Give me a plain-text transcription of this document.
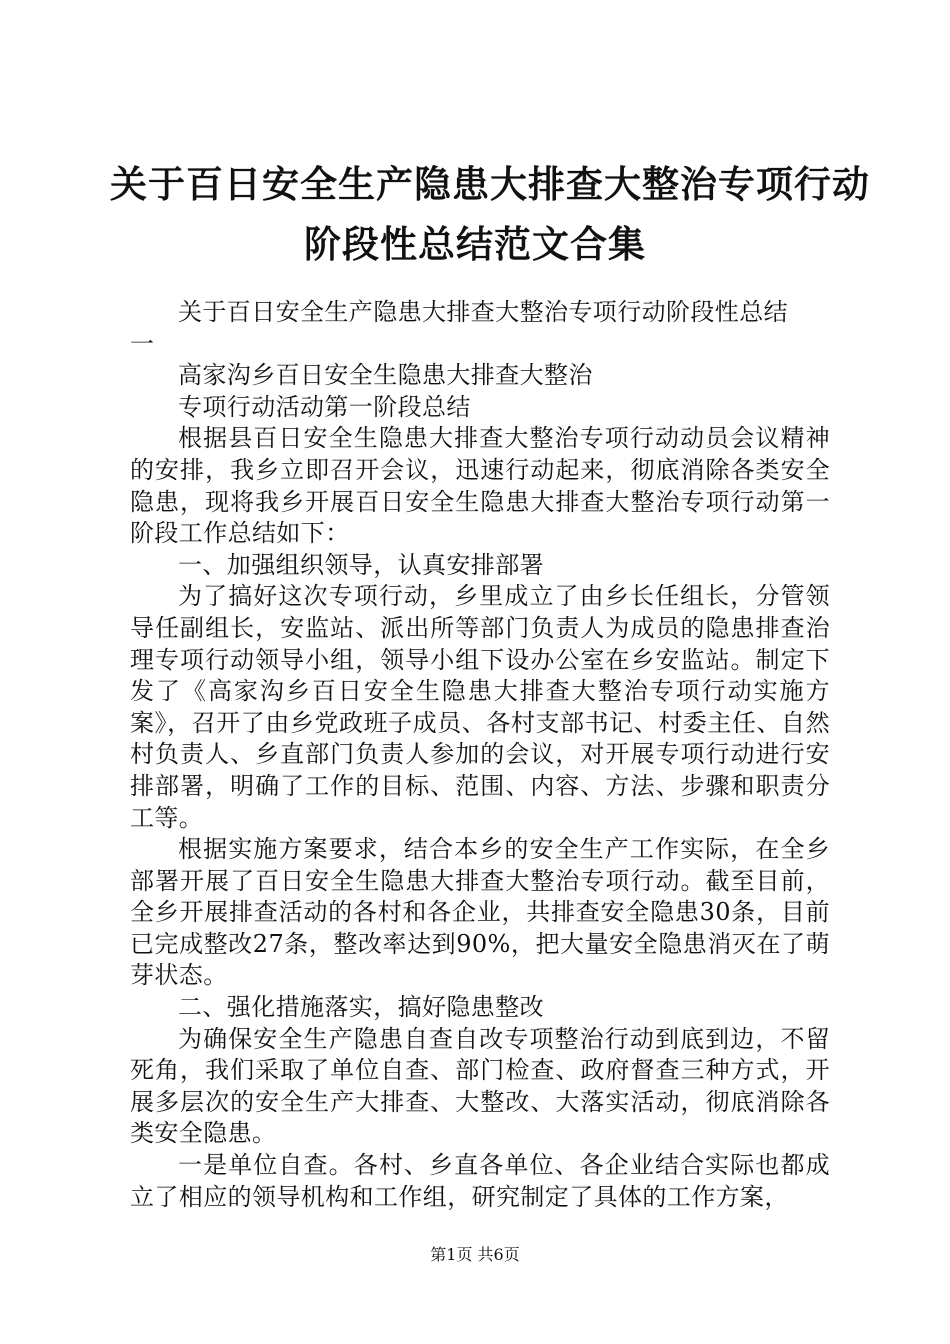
关于百日安全生产隐患大排查大整治专项行动
阶段性总结范文合集

关于百日安全生产隐患大排查大整治专项行动阶段性总结

一

高家沟乡百日安全生隐患大排查大整治

专项行动活动第一阶段总结

根据县百日安全生隐患大排查大整治专项行动动员会议精神的安排，我乡立即召开会议，迅速行动起来，彻底消除各类安全隐患，现将我乡开展百日安全生隐患大排查大整治专项行动第一阶段工作总结如下：

一、加强组织领导，认真安排部署

为了搞好这次专项行动，乡里成立了由乡长任组长，分管领导任副组长，安监站、派出所等部门负责人为成员的隐患排查治理专项行动领导小组，领导小组下设办公室在乡安监站。制定下发了《高家沟乡百日安全生隐患大排查大整治专项行动实施方案》，召开了由乡党政班子成员、各村支部书记、村委主任、自然村负责人、乡直部门负责人参加的会议，对开展专项行动进行安排部署，明确了工作的目标、范围、内容、方法、步骤和职责分工等。

根据实施方案要求，结合本乡的安全生产工作实际，在全乡部署开展了百日安全生隐患大排查大整治专项行动。截至目前，全乡开展排查活动的各村和各企业，共排查安全隐患30条，目前已完成整改27条，整改率达到90%，把大量安全隐患消灭在了萌芽状态。

二、强化措施落实，搞好隐患整改

为确保安全生产隐患自查自改专项整治行动到底到边，不留死角，我们采取了单位自查、部门检查、政府督查三种方式，开展多层次的安全生产大排查、大整改、大落实活动，彻底消除各类安全隐患。

一是单位自查。各村、乡直各单位、各企业结合实际也都成立了相应的领导机构和工作组，研究制定了具体的工作方案，

第1页 共6页
